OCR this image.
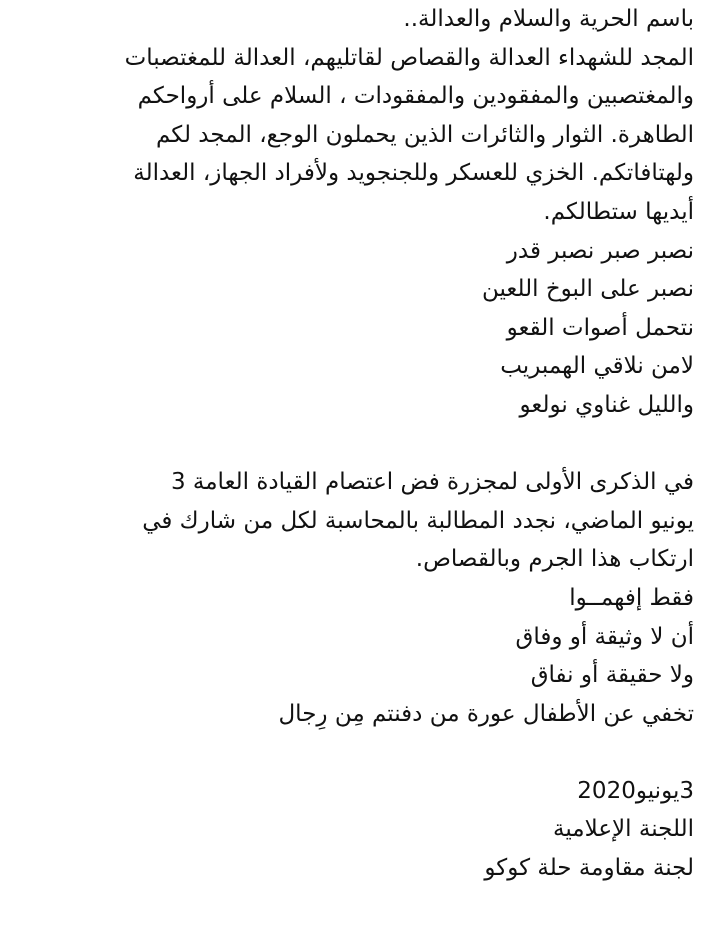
باسم الحرية والسلام والعدالة..
المجد للشهداء العدالة والقصاص لقاتليهم، العدالة للمغتصبات
والمغتصبين والمفقودين والمفقودات ، السلام على أرواحكم
الطاهرة. الثوار والثائرات الذين يحملون الوجع، المجد لكم
ولهتافاتكم. الخزي للعسكر وللجنجويد ولأفراد الجهاز، العدالة
أيديها ستطالكم.
نصبر صبر نصبر قدر
نصبر على البوخ اللعين
نتحمل أصوات القعو
لامن نلاقي الهمبريب
والليل غناوي نولعو
في الذكرى الأولى لمجزرة فض اعتصام القيادة العامة 3
يونيو الماضي، نجدد المطالبة بالمحاسبة لكل من شارك في
ارتكاب هذا الجرم وبالقصاص.
فقط إفهمــوا
أن لا وثيقة أو وفاق
ولا حقيقة أو نفاق
تخفي عن الأطفال عورة من دفنتم مِن رِجال
3يونيو2020
اللجنة الإعلامية
لجنة مقاومة حلة كوكو
